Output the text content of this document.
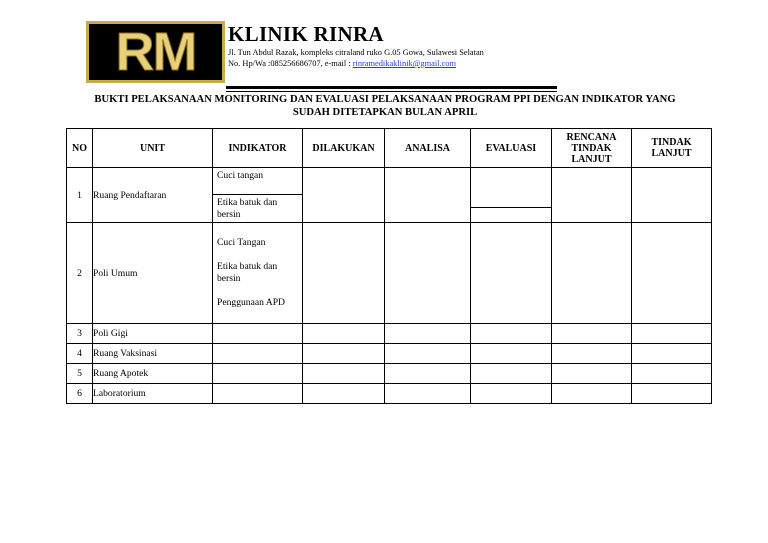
RM KLINIK RINRA
Jl. Tun Abdul Razak, kompleks citraland ruko G.05 Gowa, Sulawesi Selatan
No. Hp/Wa :085256686707, e-mail : rinramedikaklinik@gmail.com
BUKTI PELAKSANAAN MONITORING DAN EVALUASI PELAKSANAAN PROGRAM PPI DENGAN INDIKATOR YANG
SUDAH DITETAPKAN BULAN APRIL
NO	UNIT	INDIKATOR	DILAKUKAN	ANALISA	EVALUASI	RENCANA TINDAK LANJUT	TINDAK LANJUT
1	Ruang Pendaftaran	Cuci tangan
Etika batuk dan bersin					

2	Poli Umum	Cuci Tangan
Etika batuk dan bersin
Penggunaan APD					

3	Poli Gigi						
4	Ruang Vaksinasi						
5	Ruang Apotek						
6	Laboratorium						
